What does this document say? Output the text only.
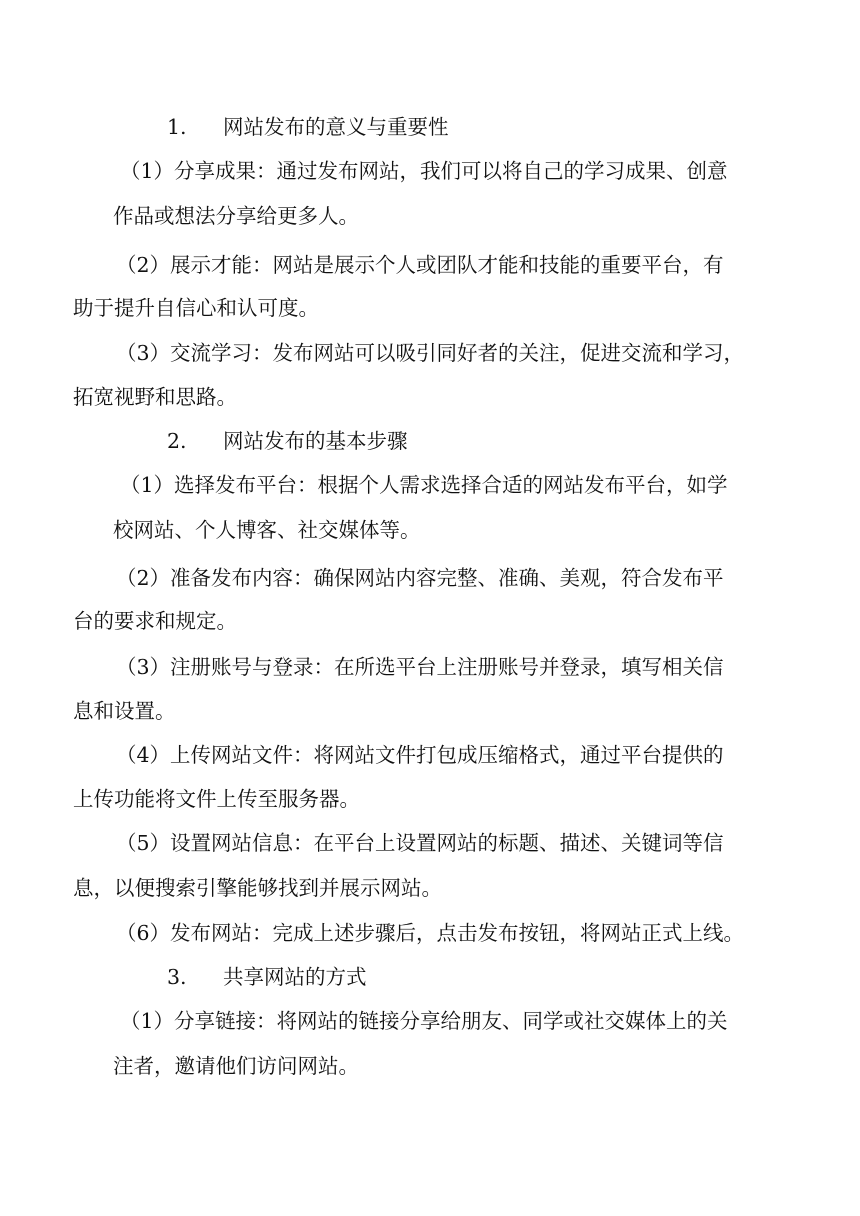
1. 网站发布的意义与重要性
（1）分享成果：通过发布网站，我们可以将自己的学习成果、创意
作品或想法分享给更多人。
（2）展示才能：网站是展示个人或团队才能和技能的重要平台，有
助于提升自信心和认可度。
（3）交流学习：发布网站可以吸引同好者的关注，促进交流和学习，
拓宽视野和思路。
2. 网站发布的基本步骤
（1）选择发布平台：根据个人需求选择合适的网站发布平台，如学
校网站、个人博客、社交媒体等。
（2）准备发布内容：确保网站内容完整、准确、美观，符合发布平
台的要求和规定。
（3）注册账号与登录：在所选平台上注册账号并登录，填写相关信
息和设置。
（4）上传网站文件：将网站文件打包成压缩格式，通过平台提供的
上传功能将文件上传至服务器。
（5）设置网站信息：在平台上设置网站的标题、描述、关键词等信
息，以便搜索引擎能够找到并展示网站。
（6）发布网站：完成上述步骤后，点击发布按钮，将网站正式上线。
3. 共享网站的方式
（1）分享链接：将网站的链接分享给朋友、同学或社交媒体上的关
注者，邀请他们访问网站。
